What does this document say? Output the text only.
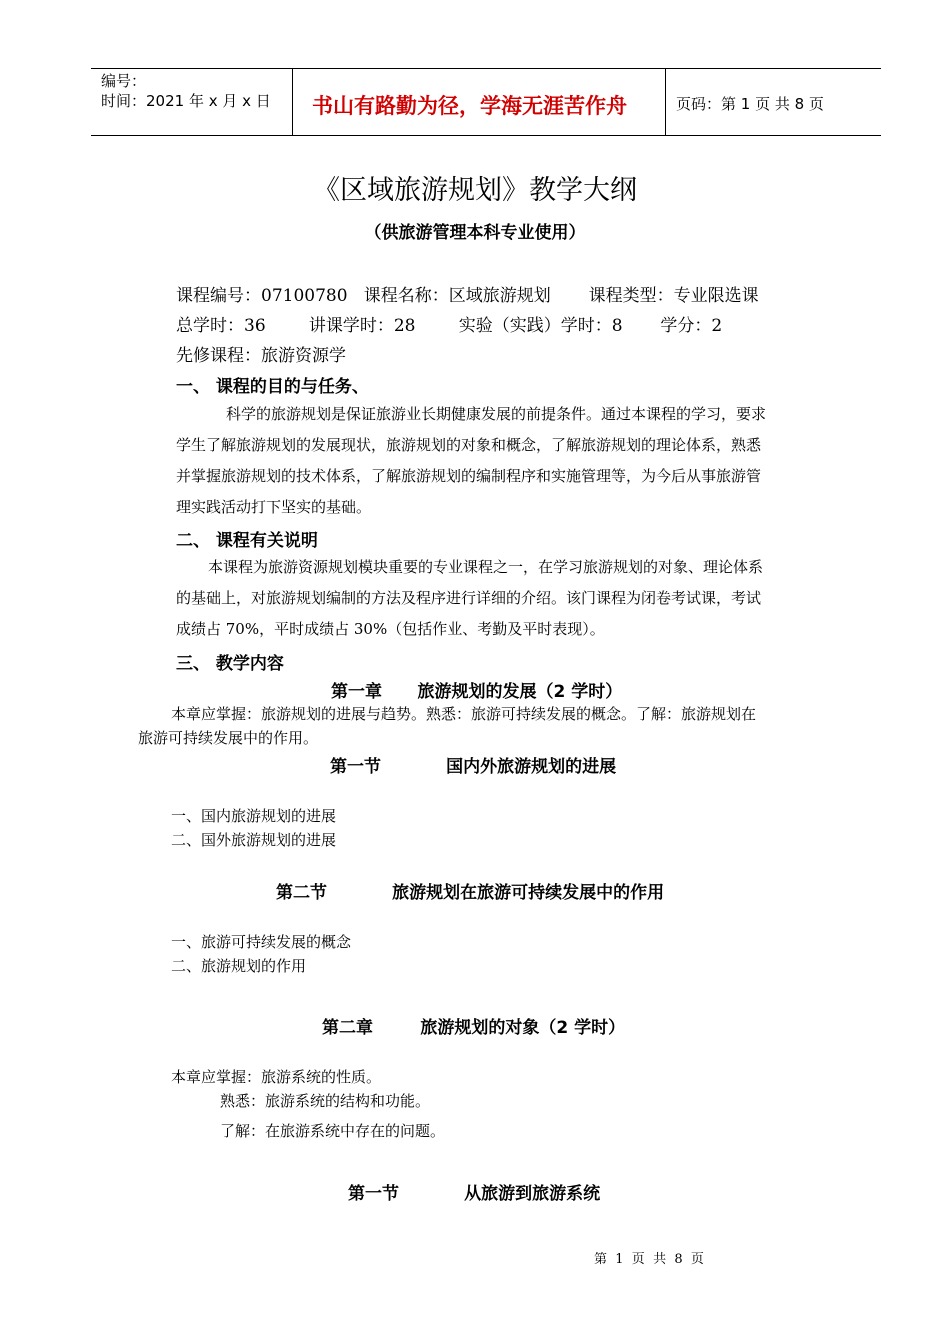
编号：
时间：2021 年 x 月 x 日 书山有路勤为径，学海无涯苦作舟	页码：第 1 页 共 8 页
《区域旅游规划》教学大纲
（供旅游管理本科专业使用）
课程编号：07100780   课程名称：区域旅游规划       课程类型：专业限选课
总学时：36        讲课学时：28        实验（实践）学时：8       学分：2
先修课程：旅游资源学
一、 课程的目的与任务、
科学的旅游规划是保证旅游业长期健康发展的前提条件。通过本课程的学习，要求
学生了解旅游规划的发展现状，旅游规划的对象和概念，了解旅游规划的理论体系，熟悉
并掌握旅游规划的技术体系，了解旅游规划的编制程序和实施管理等，为今后从事旅游管
理实践活动打下坚实的基础。
二、 课程有关说明
本课程为旅游资源规划模块重要的专业课程之一，在学习旅游规划的对象、理论体系
的基础上，对旅游规划编制的方法及程序进行详细的介绍。该门课程为闭卷考试课，考试
成绩占 70%，平时成绩占 30%（包括作业、考勤及平时表现）。
三、 教学内容
第一章      旅游规划的发展（2 学时）
本章应掌握：旅游规划的进展与趋势。熟悉：旅游可持续发展的概念。了解：旅游规划在
旅游可持续发展中的作用。
第一节           国内外旅游规划的进展
一、国内旅游规划的进展
二、国外旅游规划的进展
第二节           旅游规划在旅游可持续发展中的作用
一、旅游可持续发展的概念
二、旅游规划的作用
第二章        旅游规划的对象（2 学时）
本章应掌握：旅游系统的性质。
熟悉：旅游系统的结构和功能。
了解：在旅游系统中存在的问题。
第一节           从旅游到旅游系统
第  1  页  共  8  页
